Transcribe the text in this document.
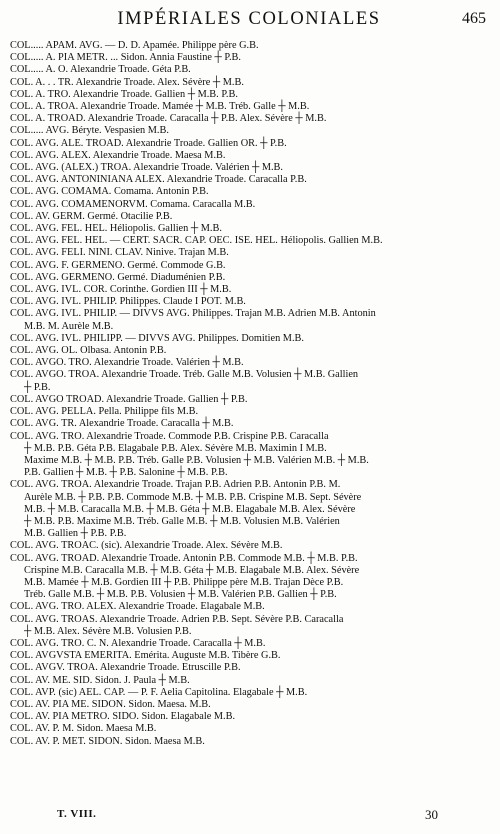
IMPÉRIALES COLONIALES	465
COL..... APAM. AVG. — D. D. Apamée. Philippe père G.B.
COL..... A. PIA METR. ... Sidon. Annia Faustine ┼ P.B.
COL..... A. O. Alexandrie Troade. Géta P.B.
COL. A. . . TR. Alexandrie Troade. Alex. Sévère ┼ M.B.
COL. A. TRO. Alexandrie Troade. Gallien ┼ M.B. P.B.
COL. A. TROA. Alexandrie Troade. Mamée ┼ M.B. Tréb. Galle ┼ M.B.
COL. A. TROAD. Alexandrie Troade. Caracalla ┼ P.B. Alex. Sévère ┼ M.B.
COL..... AVG. Béryte. Vespasien M.B.
COL. AVG. ALE. TROAD. Alexandrie Troade. Gallien OR. ┼ P.B.
COL. AVG. ALEX. Alexandrie Troade. Maesa M.B.
COL. AVG. (ALEX.) TROA. Alexandrie Troade. Valérien ┼ M.B.
COL. AVG. ANTONINIANA ALEX. Alexandrie Troade. Caracalla P.B.
COL. AVG. COMAMA. Comama. Antonin P.B.
COL. AVG. COMAMENORVM. Comama. Caracalla M.B.
COL. AV. GERM. Germé. Otacilie P.B.
COL. AVG. FEL. HEL. Héliopolis. Gallien ┼ M.B.
COL. AVG. FEL. HEL. — CERT. SACR. CAP. OEC. ISE. HEL. Héliopolis. Gallien M.B.
COL. AVG. FELI. NINI. CLAV. Ninive. Trajan M.B.
COL. AVG. F. GERMENO. Germé. Commode G.B.
COL. AVG. GERMENO. Germé. Diaduménien P.B.
COL. AVG. IVL. COR. Corinthe. Gordien III ┼ M.B.
COL. AVG. IVL. PHILIP. Philippes. Claude I POT. M.B.
COL. AVG. IVL. PHILIP. — DIVVS AVG. Philippes. Trajan M.B. Adrien M.B. Antonin
M.B. M. Aurèle M.B.
COL. AVG. IVL. PHILIPP. — DIVVS AVG. Philippes. Domitien M.B.
COL. AVG. OL. Olbasa. Antonin P.B.
COL. AVGO. TRO. Alexandrie Troade. Valérien ┼ M.B.
COL. AVGO. TROA. Alexandrie Troade. Tréb. Galle M.B. Volusien ┼ M.B. Gallien
┼ P.B.
COL. AVGO TROAD. Alexandrie Troade. Gallien ┼ P.B.
COL. AVG. PELLA. Pella. Philippe fils M.B.
COL. AVG. TR. Alexandrie Troade. Caracalla ┼ M.B.
COL. AVG. TRO. Alexandrie Troade. Commode P.B. Crispine P.B. Caracalla
┼ M.B. P.B. Géta P.B. Elagabale P.B. Alex. Sévère M.B. Maximin I M.B.
Maxime M.B. ┼ M.B. P.B. Tréb. Galle P.B. Volusien ┼ M.B. Valérien M.B. ┼ M.B.
P.B. Gallien ┼ M.B. ┼ P.B. Salonine ┼ M.B. P.B.
COL. AVG. TROA. Alexandrie Troade. Trajan P.B. Adrien P.B. Antonin P.B. M.
Aurèle M.B. ┼ P.B. P.B. Commode M.B. ┼ M.B. P.B. Crispine M.B. Sept. Sévère
M.B. ┼ M.B. Caracalla M.B. ┼ M.B. Géta ┼ M.B. Elagabale M.B. Alex. Sévère
┼ M.B. P.B. Maxime M.B. Tréb. Galle M.B. ┼ M.B. Volusien M.B. Valérien
M.B. Gallien ┼ P.B. P.B.
COL. AVG. TROAC. (sic). Alexandrie Troade. Alex. Sévère M.B.
COL. AVG. TROAD. Alexandrie Troade. Antonin P.B. Commode M.B. ┼ M.B. P.B.
Crispine M.B. Caracalla M.B. ┼ M.B. Géta ┼ M.B. Elagabale M.B. Alex. Sévère
M.B. Mamée ┼ M.B. Gordien III ┼ P.B. Philippe père M.B. Trajan Dèce P.B.
Tréb. Galle M.B. ┼ M.B. P.B. Volusien ┼ M.B. Valérien P.B. Gallien ┼ P.B.
COL. AVG. TRO. ALEX. Alexandrie Troade. Elagabale M.B.
COL. AVG. TROAS. Alexandrie Troade. Adrien P.B. Sept. Sévère P.B. Caracalla
┼ M.B. Alex. Sévère M.B. Volusien P.B.
COL. AVG. TRO. C. N. Alexandrie Troade. Caracalla ┼ M.B.
COL. AVGVSTA EMERITA. Emérita. Auguste M.B. Tibère G.B.
COL. AVGV. TROA. Alexandrie Troade. Etruscille P.B.
COL. AV. ME. SID. Sidon. J. Paula ┼ M.B.
COL. AVP. (sic) AEL. CAP. — P. F. Aelia Capitolina. Elagabale ┼ M.B.
COL. AV. PIA ME. SIDON. Sidon. Maesa. M.B.
COL. AV. PIA METRO. SIDO. Sidon. Elagabale M.B.
COL. AV. P. M. Sidon. Maesa M.B.
COL. AV. P. MET. SIDON. Sidon. Maesa M.B.
T. VIII.	30
